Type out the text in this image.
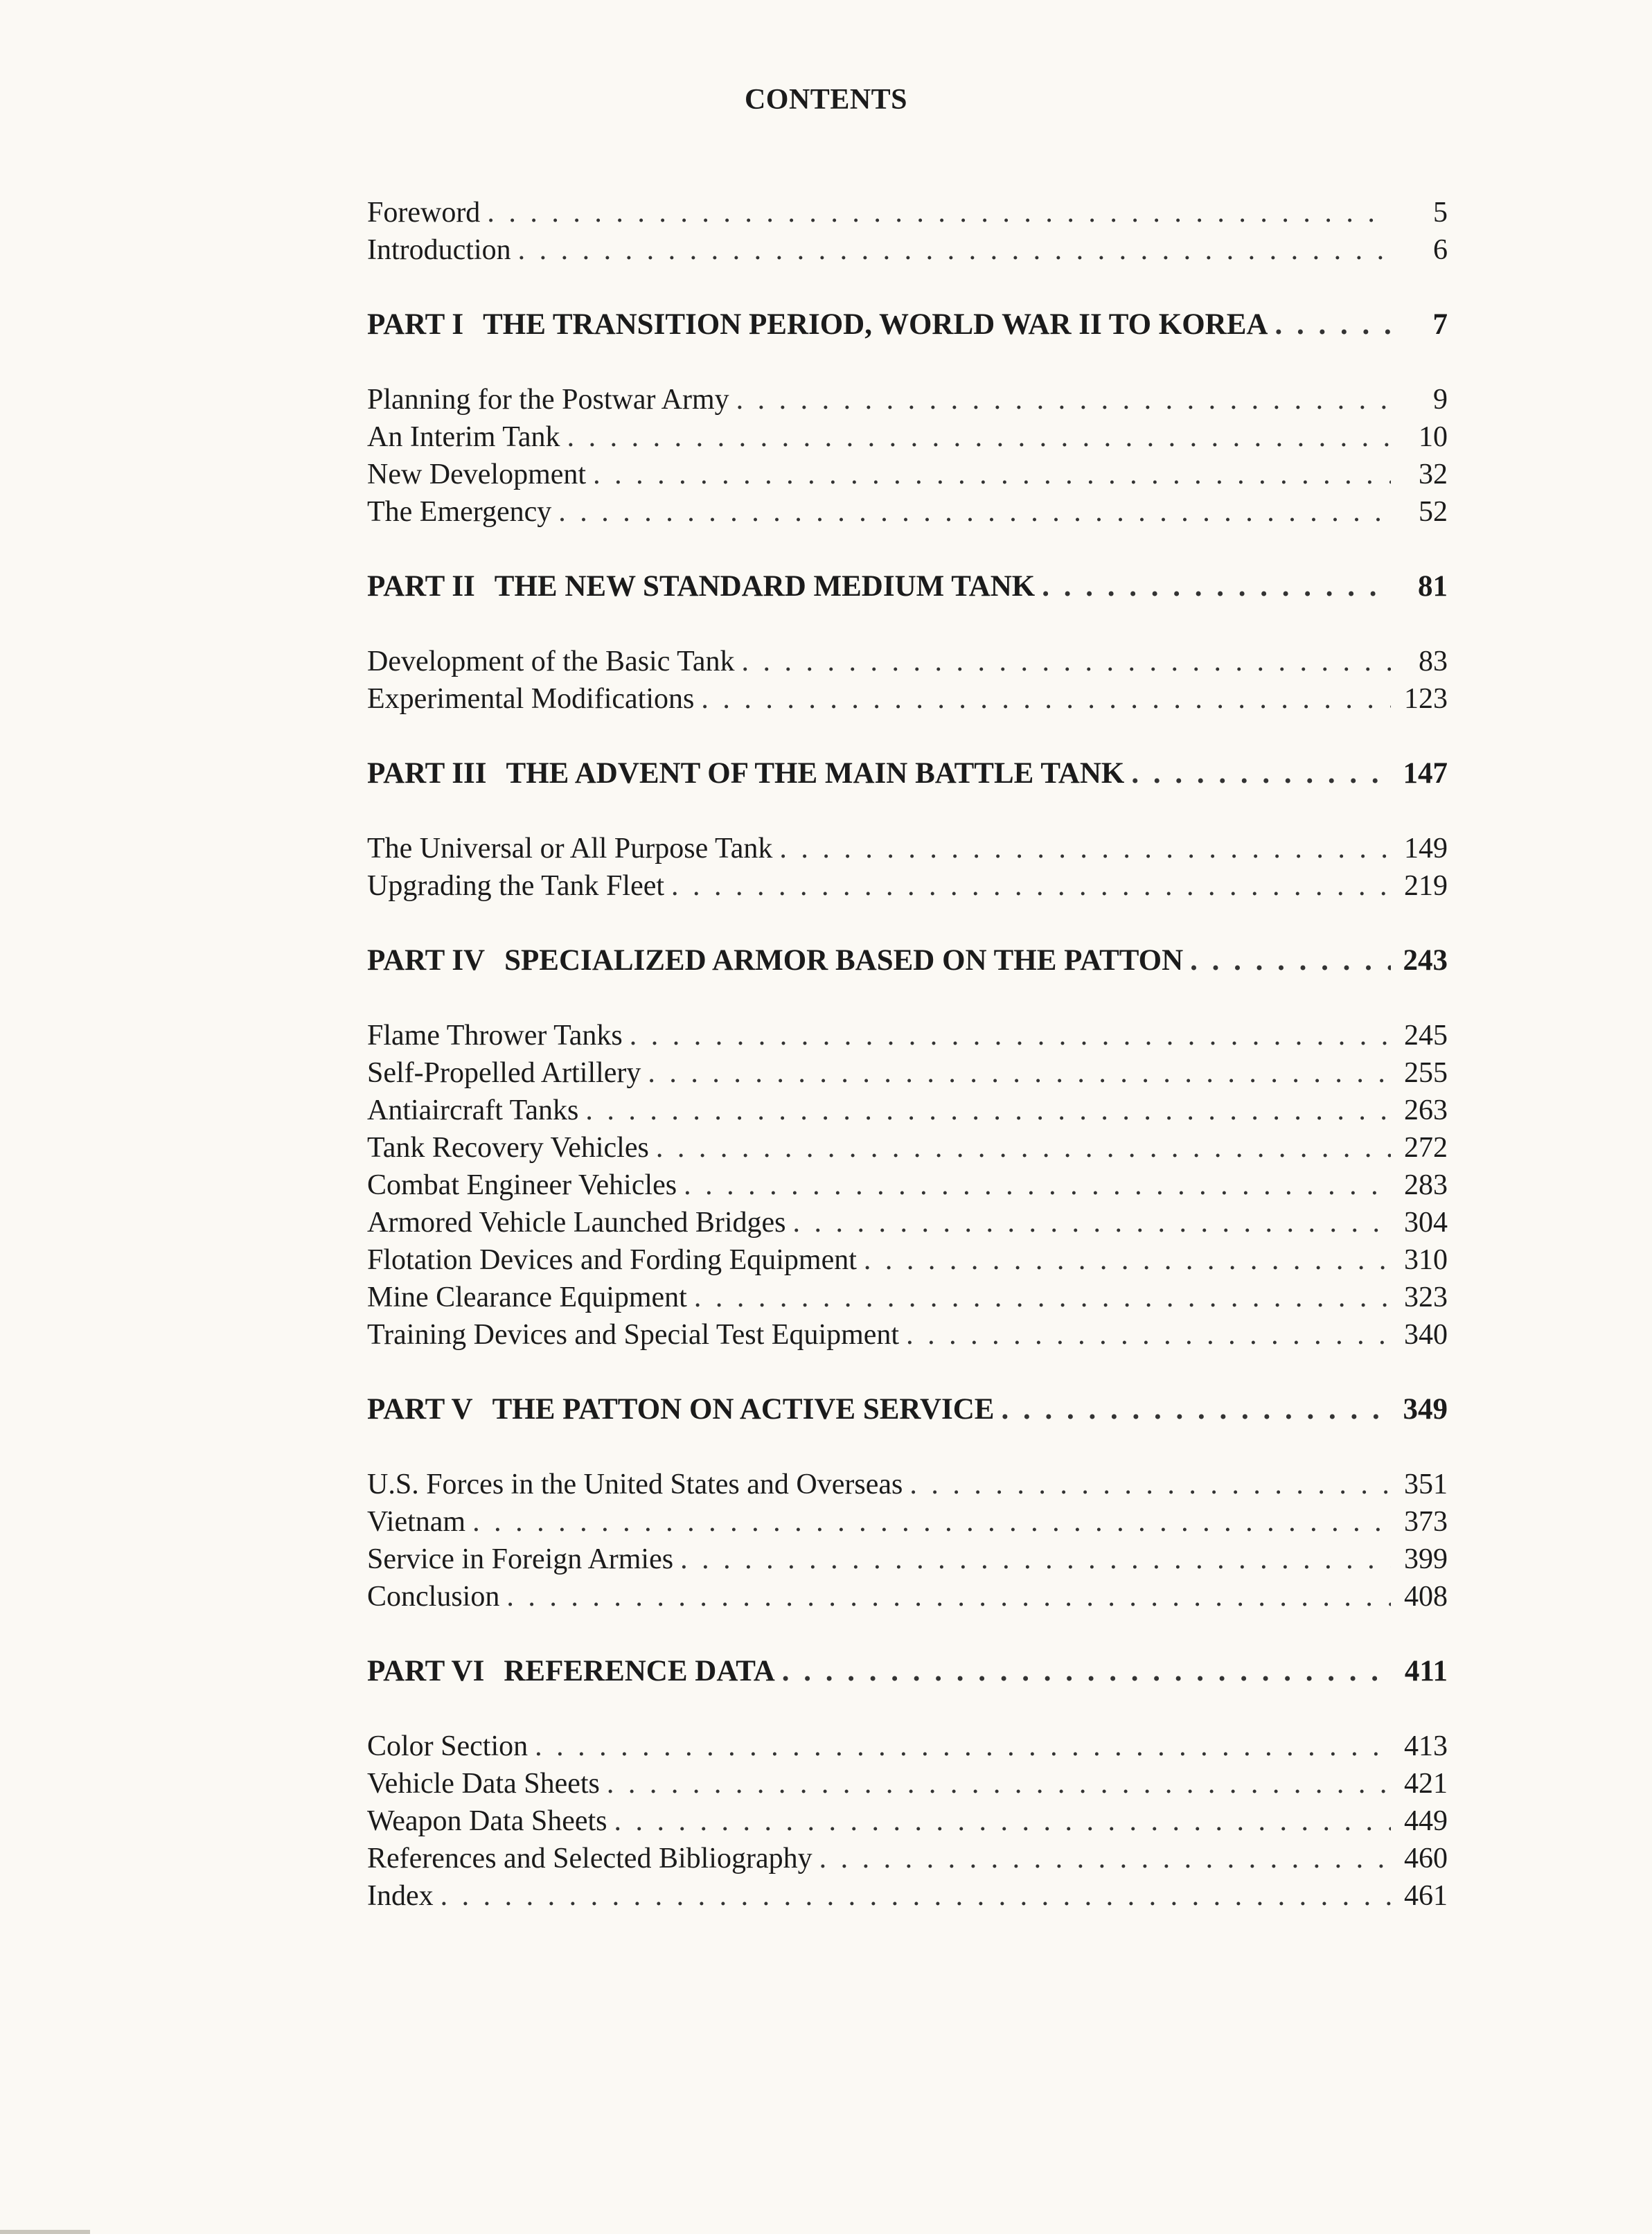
CONTENTS
Foreword . . .	5
Introduction . . .	6
PART I THE TRANSITION PERIOD, WORLD WAR II TO KOREA . . .	7
Planning for the Postwar Army . . .	9
An Interim Tank . . .	10
New Development . . .	32
The Emergency . . .	52
PART II THE NEW STANDARD MEDIUM TANK . . .	81
Development of the Basic Tank . . .	83
Experimental Modifications . . .	123
PART III THE ADVENT OF THE MAIN BATTLE TANK . . .	147
The Universal or All Purpose Tank . . .	149
Upgrading the Tank Fleet . . .	219
PART IV SPECIALIZED ARMOR BASED ON THE PATTON . . .	243
Flame Thrower Tanks . . .	245
Self-Propelled Artillery . . .	255
Antiaircraft Tanks . . .	263
Tank Recovery Vehicles . . .	272
Combat Engineer Vehicles . . .	283
Armored Vehicle Launched Bridges . . .	304
Flotation Devices and Fording Equipment . . .	310
Mine Clearance Equipment . . .	323
Training Devices and Special Test Equipment . . .	340
PART V THE PATTON ON ACTIVE SERVICE . . .	349
U.S. Forces in the United States and Overseas . . .	351
Vietnam . . .	373
Service in Foreign Armies . . .	399
Conclusion . . .	408
PART VI REFERENCE DATA . . .	411
Color Section . . .	413
Vehicle Data Sheets . . .	421
Weapon Data Sheets . . .	449
References and Selected Bibliography . . .	460
Index . . .	461
